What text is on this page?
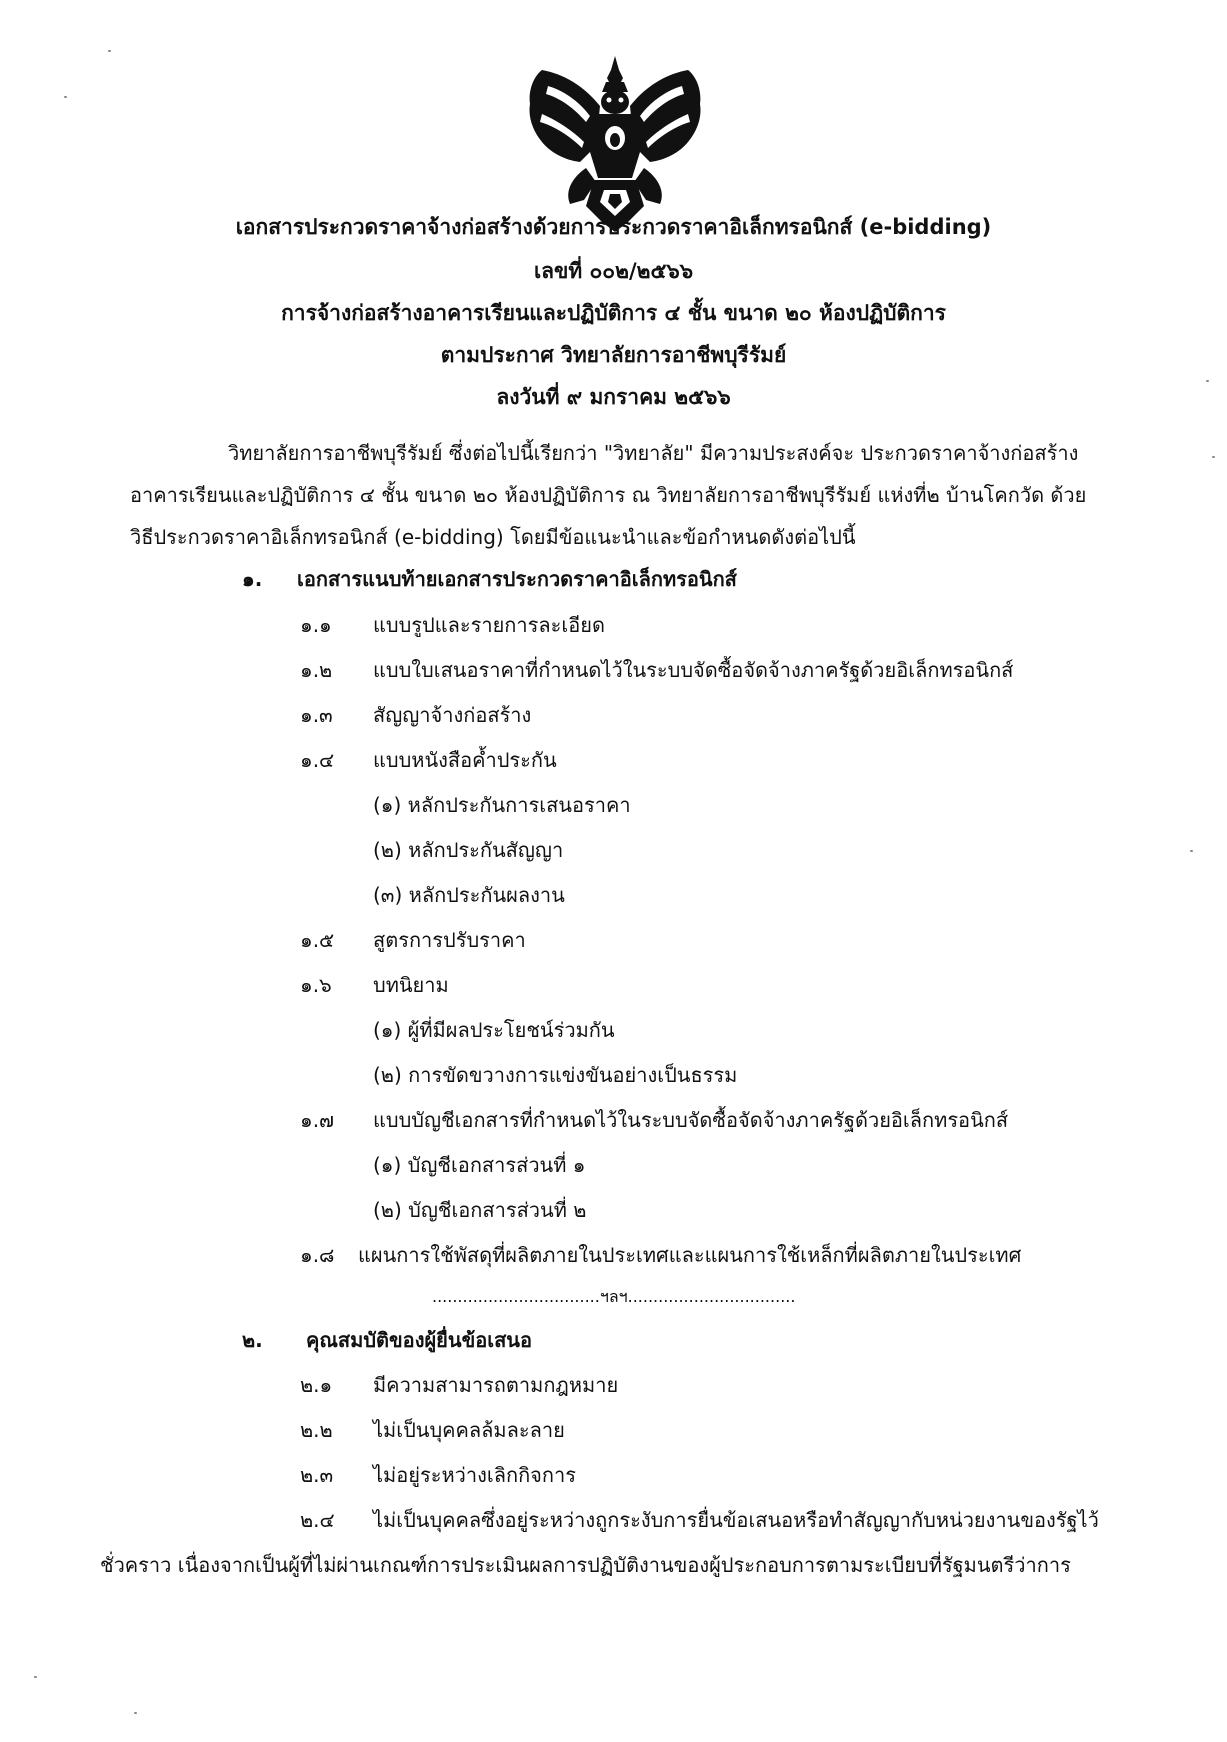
เอกสารประกวดราคาจ้างก่อสร้างด้วยการประกวดราคาอิเล็กทรอนิกส์ (e-bidding)
เลขที่ ๐๐๒/๒๕๖๖
การจ้างก่อสร้างอาคารเรียนและปฏิบัติการ ๔ ชั้น ขนาด ๒๐ ห้องปฏิบัติการ
ตามประกาศ วิทยาลัยการอาชีพบุรีรัมย์
ลงวันที่ ๙ มกราคม ๒๕๖๖
วิทยาลัยการอาชีพบุรีรัมย์ ซึ่งต่อไปนี้เรียกว่า "วิทยาลัย" มีความประสงค์จะ ประกวดราคาจ้างก่อสร้าง
อาคารเรียนและปฏิบัติการ ๔ ชั้น ขนาด ๒๐ ห้องปฏิบัติการ ณ วิทยาลัยการอาชีพบุรีรัมย์ แห่งที่๒ บ้านโคกวัด ด้วย
วิธีประกวดราคาอิเล็กทรอนิกส์ (e-bidding) โดยมีข้อแนะนำและข้อกำหนดดังต่อไปนี้
๑. เอกสารแนบท้ายเอกสารประกวดราคาอิเล็กทรอนิกส์
๑.๑ แบบรูปและรายการละเอียด
๑.๒ แบบใบเสนอราคาที่กำหนดไว้ในระบบจัดซื้อจัดจ้างภาครัฐด้วยอิเล็กทรอนิกส์
๑.๓ สัญญาจ้างก่อสร้าง
๑.๔ แบบหนังสือค้ำประกัน
(๑) หลักประกันการเสนอราคา
(๒) หลักประกันสัญญา
(๓) หลักประกันผลงาน
๑.๕ สูตรการปรับราคา
๑.๖ บทนิยาม
(๑) ผู้ที่มีผลประโยชน์ร่วมกัน
(๒) การขัดขวางการแข่งขันอย่างเป็นธรรม
๑.๗ แบบบัญชีเอกสารที่กำหนดไว้ในระบบจัดซื้อจัดจ้างภาครัฐด้วยอิเล็กทรอนิกส์
(๑) บัญชีเอกสารส่วนที่ ๑
(๒) บัญชีเอกสารส่วนที่ ๒
๑.๘ แผนการใช้พัสดุที่ผลิตภายในประเทศและแผนการใช้เหล็กที่ผลิตภายในประเทศ
.................................ฯลฯ.................................
๒. คุณสมบัติของผู้ยื่นข้อเสนอ
๒.๑ มีความสามารถตามกฎหมาย
๒.๒ ไม่เป็นบุคคลล้มละลาย
๒.๓ ไม่อยู่ระหว่างเลิกกิจการ
๒.๔ ไม่เป็นบุคคลซึ่งอยู่ระหว่างถูกระงับการยื่นข้อเสนอหรือทำสัญญากับหน่วยงานของรัฐไว้
ชั่วคราว เนื่องจากเป็นผู้ที่ไม่ผ่านเกณฑ์การประเมินผลการปฏิบัติงานของผู้ประกอบการตามระเบียบที่รัฐมนตรีว่าการ
